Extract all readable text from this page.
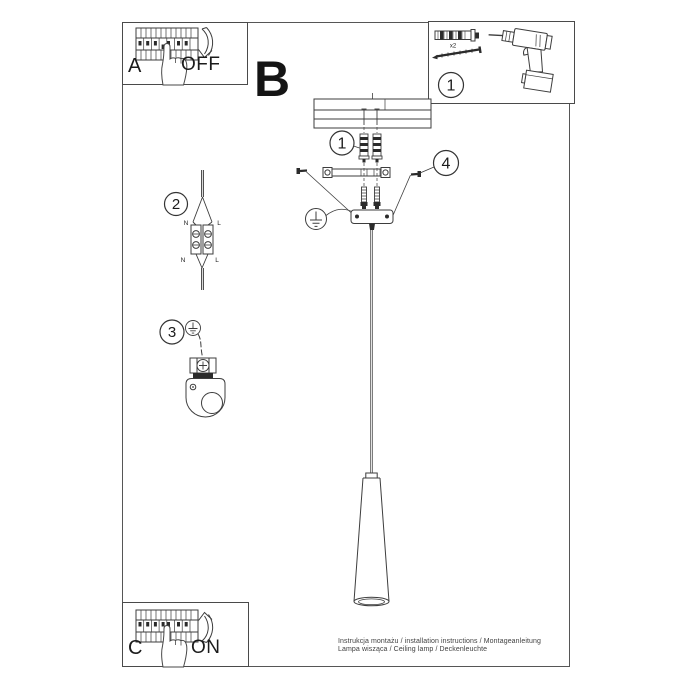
B
A OFF
x2
1
2
N	L
N	L
3
1
4
Instrukcja montażu / installation instructions / Montageanleitung
Lampa wisząca / Ceiling lamp / Deckenleuchte
C	ON
